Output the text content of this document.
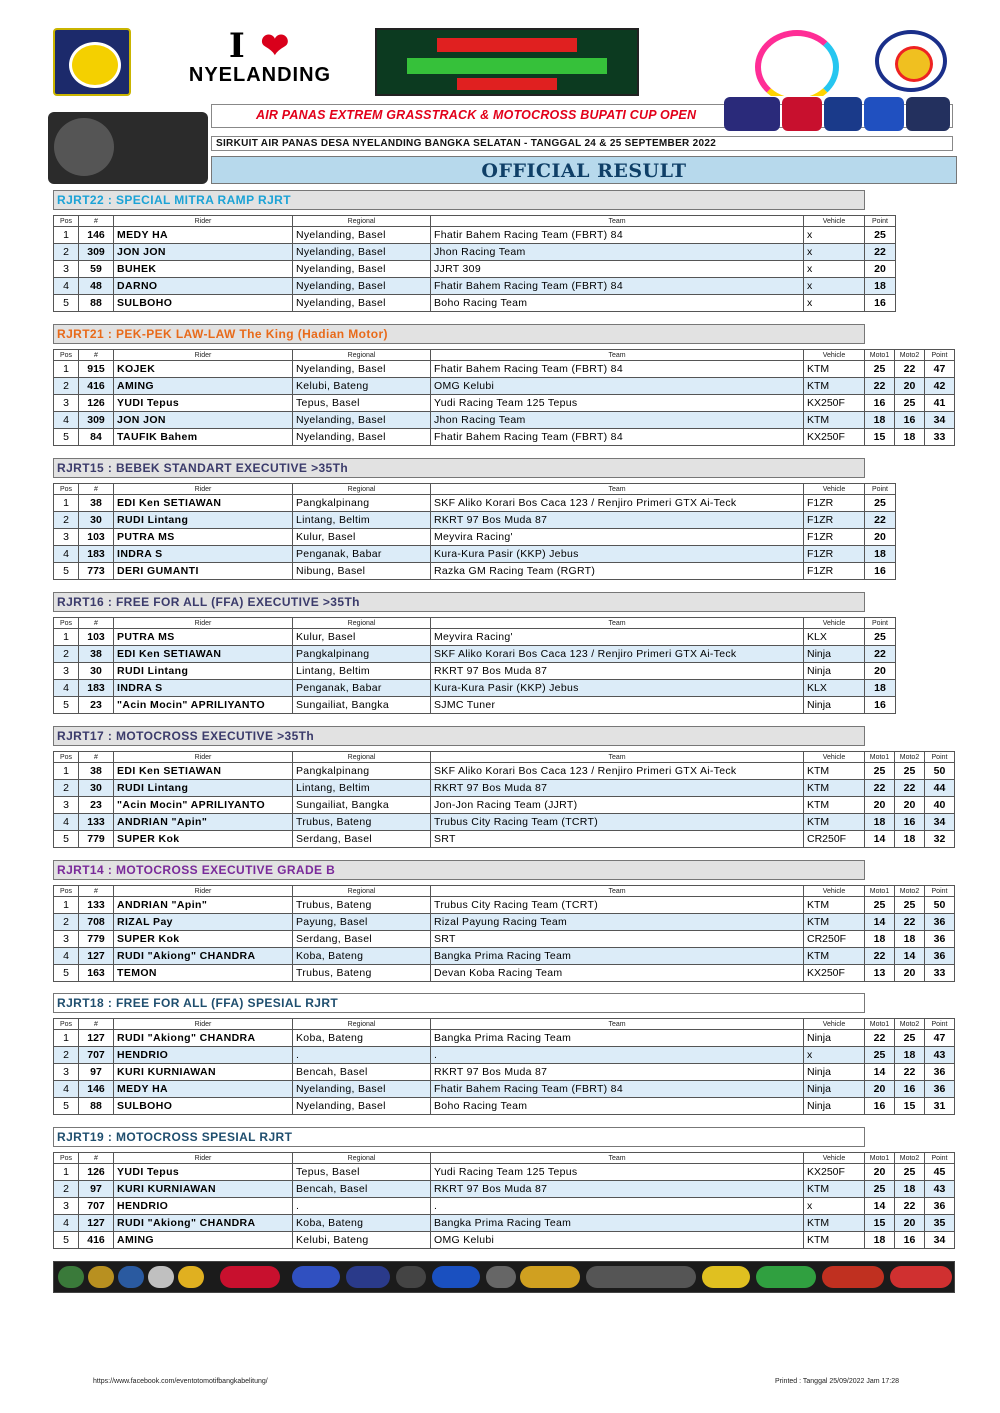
I ❤
NYELANDING
AIR PANAS EXTREM GRASSTRACK & MOTOCROSS BUPATI CUP OPEN
SIRKUIT AIR PANAS DESA NYELANDING BANGKA SELATAN - TANGGAL 24 & 25 SEPTEMBER 2022
OFFICIAL RESULT
RJRT22 : SPECIAL MITRA RAMP RJRT
Pos	#	Rider	Regional	Team	Vehicle	Point
1	146	MEDY HA	Nyelanding, Basel	Fhatir Bahem Racing Team (FBRT) 84	x	25
2	309	JON JON	Nyelanding, Basel	Jhon Racing Team	x	22
3	59	BUHEK	Nyelanding, Basel	JJRT 309	x	20
4	48	DARNO	Nyelanding, Basel	Fhatir Bahem Racing Team (FBRT) 84	x	18
5	88	SULBOHO	Nyelanding, Basel	Boho Racing Team	x	16
RJRT21 : PEK-PEK LAW-LAW The King (Hadian Motor)
Pos	#	Rider	Regional	Team	Vehicle	Moto1	Moto2	Point
1	915	KOJEK	Nyelanding, Basel	Fhatir Bahem Racing Team (FBRT) 84	KTM	25	22	47
2	416	AMING	Kelubi, Bateng	OMG Kelubi	KTM	22	20	42
3	126	YUDI Tepus	Tepus, Basel	Yudi Racing Team 125 Tepus	KX250F	16	25	41
4	309	JON JON	Nyelanding, Basel	Jhon Racing Team	KTM	18	16	34
5	84	TAUFIK Bahem	Nyelanding, Basel	Fhatir Bahem Racing Team (FBRT) 84	KX250F	15	18	33
RJRT15 : BEBEK STANDART EXECUTIVE >35Th
Pos	#	Rider	Regional	Team	Vehicle	Point
1	38	EDI Ken SETIAWAN	Pangkalpinang	SKF Aliko Korari Bos Caca 123 / Renjiro Primeri GTX Ai-Teck	F1ZR	25
2	30	RUDI Lintang	Lintang, Beltim	RKRT 97 Bos Muda 87	F1ZR	22
3	103	PUTRA MS	Kulur, Basel	Meyvira Racing'	F1ZR	20
4	183	INDRA S	Penganak, Babar	Kura-Kura Pasir (KKP) Jebus	F1ZR	18
5	773	DERI GUMANTI	Nibung, Basel	Razka GM Racing Team (RGRT)	F1ZR	16
RJRT16 : FREE FOR ALL (FFA) EXECUTIVE >35Th
Pos	#	Rider	Regional	Team	Vehicle	Point
1	103	PUTRA MS	Kulur, Basel	Meyvira Racing'	KLX	25
2	38	EDI Ken SETIAWAN	Pangkalpinang	SKF Aliko Korari Bos Caca 123 / Renjiro Primeri GTX Ai-Teck	Ninja	22
3	30	RUDI Lintang	Lintang, Beltim	RKRT 97 Bos Muda 87	Ninja	20
4	183	INDRA S	Penganak, Babar	Kura-Kura Pasir (KKP) Jebus	KLX	18
5	23	"Acin Mocin" APRILIYANTO	Sungailiat, Bangka	SJMC Tuner	Ninja	16
RJRT17 : MOTOCROSS EXECUTIVE >35Th
Pos	#	Rider	Regional	Team	Vehicle	Moto1	Moto2	Point
1	38	EDI Ken SETIAWAN	Pangkalpinang	SKF Aliko Korari Bos Caca 123 / Renjiro Primeri GTX Ai-Teck	KTM	25	25	50
2	30	RUDI Lintang	Lintang, Beltim	RKRT 97 Bos Muda 87	KTM	22	22	44
3	23	"Acin Mocin" APRILIYANTO	Sungailiat, Bangka	Jon-Jon Racing Team (JJRT)	KTM	20	20	40
4	133	ANDRIAN "Apin"	Trubus, Bateng	Trubus City Racing Team (TCRT)	KTM	18	16	34
5	779	SUPER Kok	Serdang, Basel	SRT	CR250F	14	18	32
RJRT14 : MOTOCROSS EXECUTIVE GRADE B
Pos	#	Rider	Regional	Team	Vehicle	Moto1	Moto2	Point
1	133	ANDRIAN "Apin"	Trubus, Bateng	Trubus City Racing Team (TCRT)	KTM	25	25	50
2	708	RIZAL Pay	Payung, Basel	Rizal Payung Racing Team	KTM	14	22	36
3	779	SUPER Kok	Serdang, Basel	SRT	CR250F	18	18	36
4	127	RUDI "Akiong" CHANDRA	Koba, Bateng	Bangka Prima Racing Team	KTM	22	14	36
5	163	TEMON	Trubus, Bateng	Devan Koba Racing Team	KX250F	13	20	33
RJRT18 : FREE FOR ALL (FFA) SPESIAL RJRT
Pos	#	Rider	Regional	Team	Vehicle	Moto1	Moto2	Point
1	127	RUDI "Akiong" CHANDRA	Koba, Bateng	Bangka Prima Racing Team	Ninja	22	25	47
2	707	HENDRIO	.	.	x	25	18	43
3	97	KURI KURNIAWAN	Bencah, Basel	RKRT 97 Bos Muda 87	Ninja	14	22	36
4	146	MEDY HA	Nyelanding, Basel	Fhatir Bahem Racing Team (FBRT) 84	Ninja	20	16	36
5	88	SULBOHO	Nyelanding, Basel	Boho Racing Team	Ninja	16	15	31
RJRT19 : MOTOCROSS SPESIAL RJRT
Pos	#	Rider	Regional	Team	Vehicle	Moto1	Moto2	Point
1	126	YUDI Tepus	Tepus, Basel	Yudi Racing Team 125 Tepus	KX250F	20	25	45
2	97	KURI KURNIAWAN	Bencah, Basel	RKRT 97 Bos Muda 87	KTM	25	18	43
3	707	HENDRIO	.	.	x	14	22	36
4	127	RUDI "Akiong" CHANDRA	Koba, Bateng	Bangka Prima Racing Team	KTM	15	20	35
5	416	AMING	Kelubi, Bateng	OMG Kelubi	KTM	18	16	34
https://www.facebook.com/eventotomotifbangkabelitung/	Printed : Tanggal 25/09/2022 Jam 17:28
